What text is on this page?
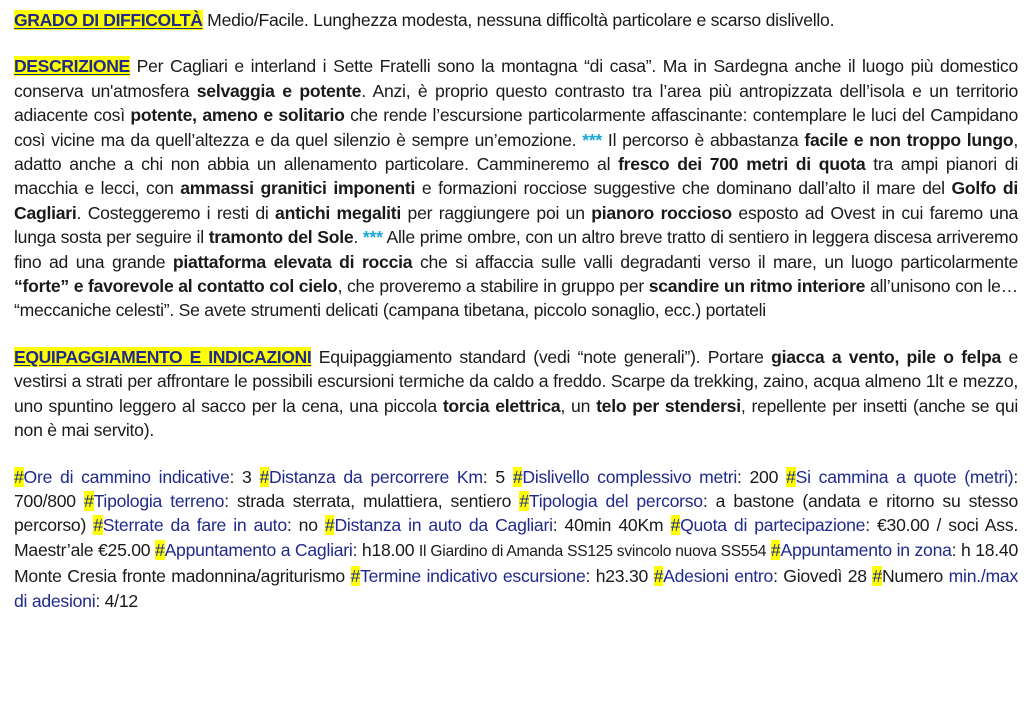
GRADO DI DIFFICOLTÀ Medio/Facile. Lunghezza modesta, nessuna difficoltà particolare e scarso dislivello.

DESCRIZIONE Per Cagliari e interland i Sette Fratelli sono la montagna “di casa”. Ma in Sardegna anche il luogo più domestico conserva un'atmosfera selvaggia e potente. Anzi, è proprio questo contrasto tra l’area più antropizzata dell’isola e un territorio adiacente così potente, ameno e solitario che rende l’escursione particolarmente affascinante: contemplare le luci del Campidano così vicine ma da quell’altezza e da quel silenzio è sempre un’emozione. *** Il percorso è abbastanza facile e non troppo lungo, adatto anche a chi non abbia un allenamento particolare. Cammineremo al fresco dei 700 metri di quota tra ampi pianori di macchia e lecci, con ammassi granitici imponenti e formazioni rocciose suggestive che dominano dall’alto il mare del Golfo di Cagliari. Costeggeremo i resti di antichi megaliti per raggiungere poi un pianoro roccioso esposto ad Ovest in cui faremo una lunga sosta per seguire il tramonto del Sole. *** Alle prime ombre, con un altro breve tratto di sentiero in leggera discesa arriveremo fino ad una grande piattaforma elevata di roccia che si affaccia sulle valli degradanti verso il mare, un luogo particolarmente “forte” e favorevole al contatto col cielo, che proveremo a stabilire in gruppo per scandire un ritmo interiore all’unisono con le… “meccaniche celesti”. Se avete strumenti delicati (campana tibetana, piccolo sonaglio, ecc.) portateli

EQUIPAGGIAMENTO E INDICAZIONI Equipaggiamento standard (vedi “note generali”). Portare giacca a vento, pile o felpa e vestirsi a strati per affrontare le possibili escursioni termiche da caldo a freddo. Scarpe da trekking, zaino, acqua almeno 1lt e mezzo, uno spuntino leggero al sacco per la cena, una piccola torcia elettrica, un telo per stendersi, repellente per insetti (anche se qui non è mai servito).

#Ore di cammino indicative: 3 #Distanza da percorrere Km: 5 #Dislivello complessivo metri: 200 #Si cammina a quote (metri): 700/800 #Tipologia terreno: strada sterrata, mulattiera, sentiero #Tipologia del percorso: a bastone (andata e ritorno su stesso percorso) #Sterrate da fare in auto: no #Distanza in auto da Cagliari: 40min 40Km #Quota di partecipazione: €30.00 / soci Ass. Maestr’ale €25.00 #Appuntamento a Cagliari: h18.00 Il Giardino di Amanda SS125 svincolo nuova SS554 #Appuntamento in zona: h 18.40 Monte Cresia fronte madonnina/agriturismo #Termine indicativo escursione: h23.30 #Adesioni entro: Giovedì 28 #Numero min./max di adesioni: 4/12
